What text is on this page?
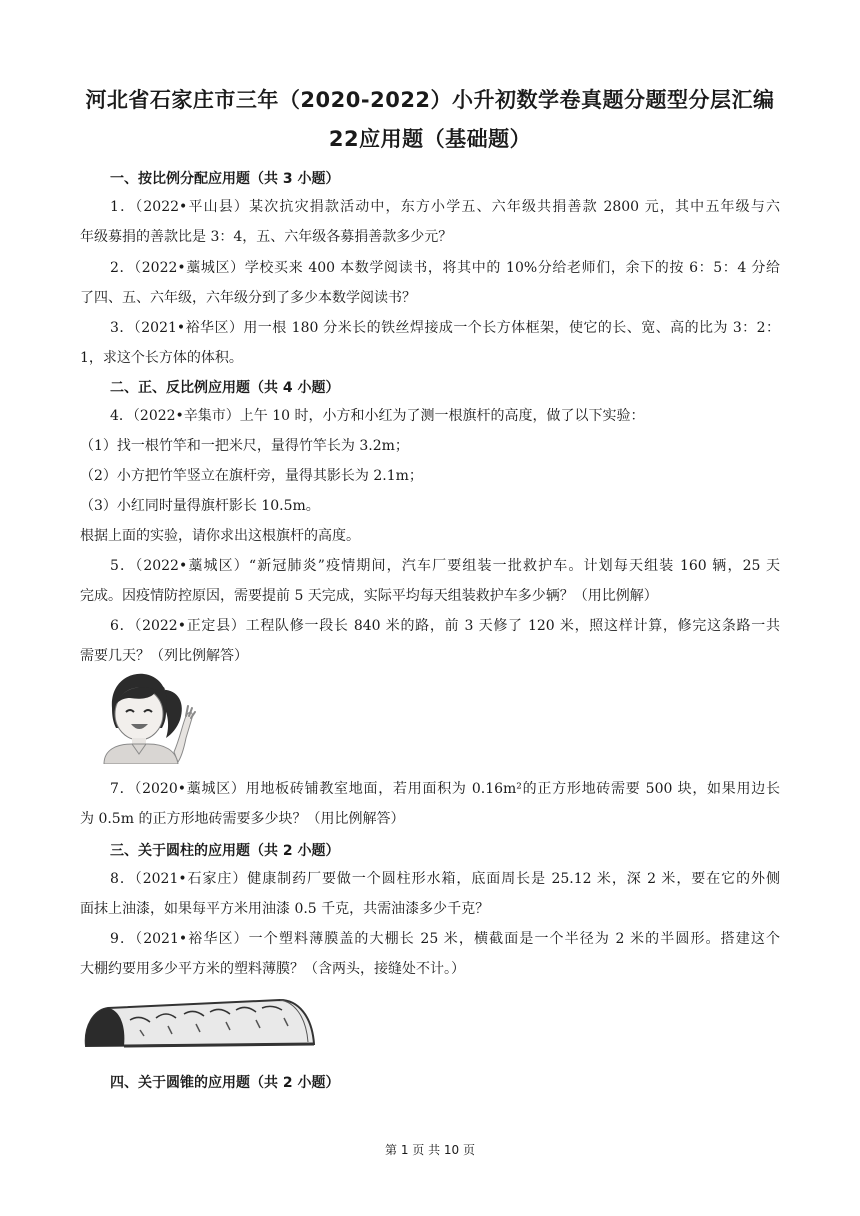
河北省石家庄市三年（2020-2022）小升初数学卷真题分题型分层汇编
22应用题（基础题）
一、按比例分配应用题（共 3 小题）
1．（2022•平山县）某次抗灾捐款活动中，东方小学五、六年级共捐善款 2800 元，其中五年级与六
年级募捐的善款比是 3：4，五、六年级各募捐善款多少元？
2．（2022•藁城区）学校买来 400 本数学阅读书，将其中的 10%分给老师们，余下的按 6：5：4 分给
了四、五、六年级，六年级分到了多少本数学阅读书？
3．（2021•裕华区）用一根 180 分米长的铁丝焊接成一个长方体框架，使它的长、宽、高的比为 3：2：
1，求这个长方体的体积。
二、正、反比例应用题（共 4 小题）
4．（2022•辛集市）上午 10 时，小方和小红为了测一根旗杆的高度，做了以下实验：
（1）找一根竹竿和一把米尺，量得竹竿长为 3.2m；
（2）小方把竹竿竖立在旗杆旁，量得其影长为 2.1m；
（3）小红同时量得旗杆影长 10.5m。
根据上面的实验，请你求出这根旗杆的高度。
5．（2022•藁城区）“新冠肺炎”疫情期间，汽车厂要组装一批救护车。计划每天组装 160 辆，25 天
完成。因疫情防控原因，需要提前 5 天完成，实际平均每天组装救护车多少辆？（用比例解）
6．（2022•正定县）工程队修一段长 840 米的路，前 3 天修了 120 米，照这样计算，修完这条路一共
需要几天？（列比例解答）
7．（2020•藁城区）用地板砖铺教室地面，若用面积为 0.16m²的正方形地砖需要 500 块，如果用边长
为 0.5m 的正方形地砖需要多少块？（用比例解答）
三、关于圆柱的应用题（共 2 小题）
8．（2021•石家庄）健康制药厂要做一个圆柱形水箱，底面周长是 25.12 米，深 2 米，要在它的外侧
面抹上油漆，如果每平方米用油漆 0.5 千克，共需油漆多少千克？
9．（2021•裕华区）一个塑料薄膜盖的大棚长 25 米，横截面是一个半径为 2 米的半圆形。搭建这个
大棚约要用多少平方米的塑料薄膜？（含两头，接缝处不计。）
四、关于圆锥的应用题（共 2 小题）
第 1 页 共 10 页
